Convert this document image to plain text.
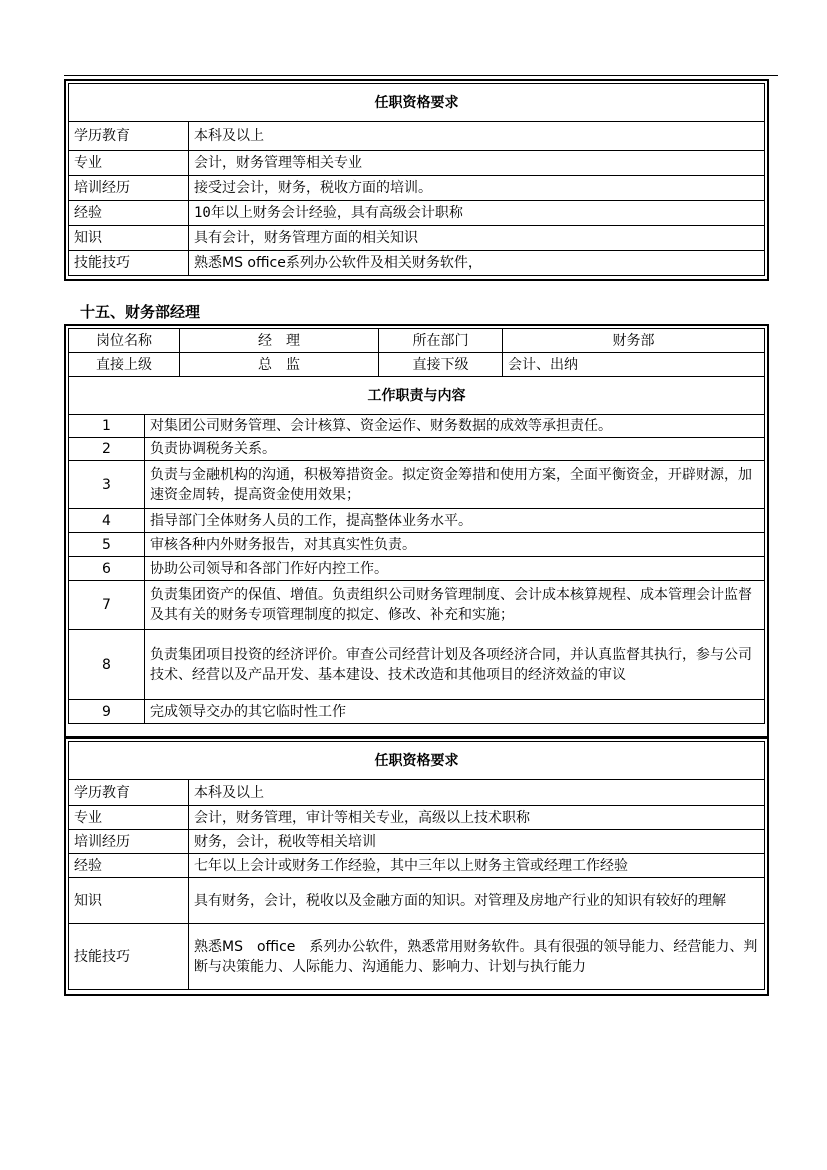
任职资格要求	
学历教育	本科及以上
专业	会计，财务管理等相关专业
培训经历	接受过会计，财务，税收方面的培训。
经验	10年以上财务会计经验，具有高级会计职称
知识	具有会计，财务管理方面的相关知识
技能技巧	熟悉MS office系列办公软件及相关财务软件，
十五、财务部经理
岗位名称		经　理	所在部门	财务部
直接上级		总　监	直接下级	会计、出纳
工作职责与内容				
1	对集团公司财务管理、会计核算、资金运作、财务数据的成效等承担责任。			
2	负责协调税务关系。			
3	负责与金融机构的沟通，积极筹措资金。拟定资金筹措和使用方案，全面平衡资金，开辟财源，加速资金周转，提高资金使用效果；			
4	指导部门全体财务人员的工作，提高整体业务水平。			
5	审核各种内外财务报告，对其真实性负责。			
6	协助公司领导和各部门作好内控工作。			
7	负责集团资产的保值、增值。负责组织公司财务管理制度、会计成本核算规程、成本管理会计监督及其有关的财务专项管理制度的拟定、修改、补充和实施；			
8	负责集团项目投资的经济评价。审查公司经营计划及各项经济合同，并认真监督其执行，参与公司技术、经营以及产品开发、基本建设、技术改造和其他项目的经济效益的审议			
9	完成领导交办的其它临时性工作			
任职资格要求	
学历教育	本科及以上
专业	会计，财务管理，审计等相关专业，高级以上技术职称
培训经历	财务，会计，税收等相关培训
经验	七年以上会计或财务工作经验，其中三年以上财务主管或经理工作经验
知识	具有财务，会计，税收以及金融方面的知识。对管理及房地产行业的知识有较好的理解
技能技巧	熟悉MS　office　系列办公软件，熟悉常用财务软件。具有很强的领导能力、经营能力、判断与决策能力、人际能力、沟通能力、影响力、计划与执行能力
